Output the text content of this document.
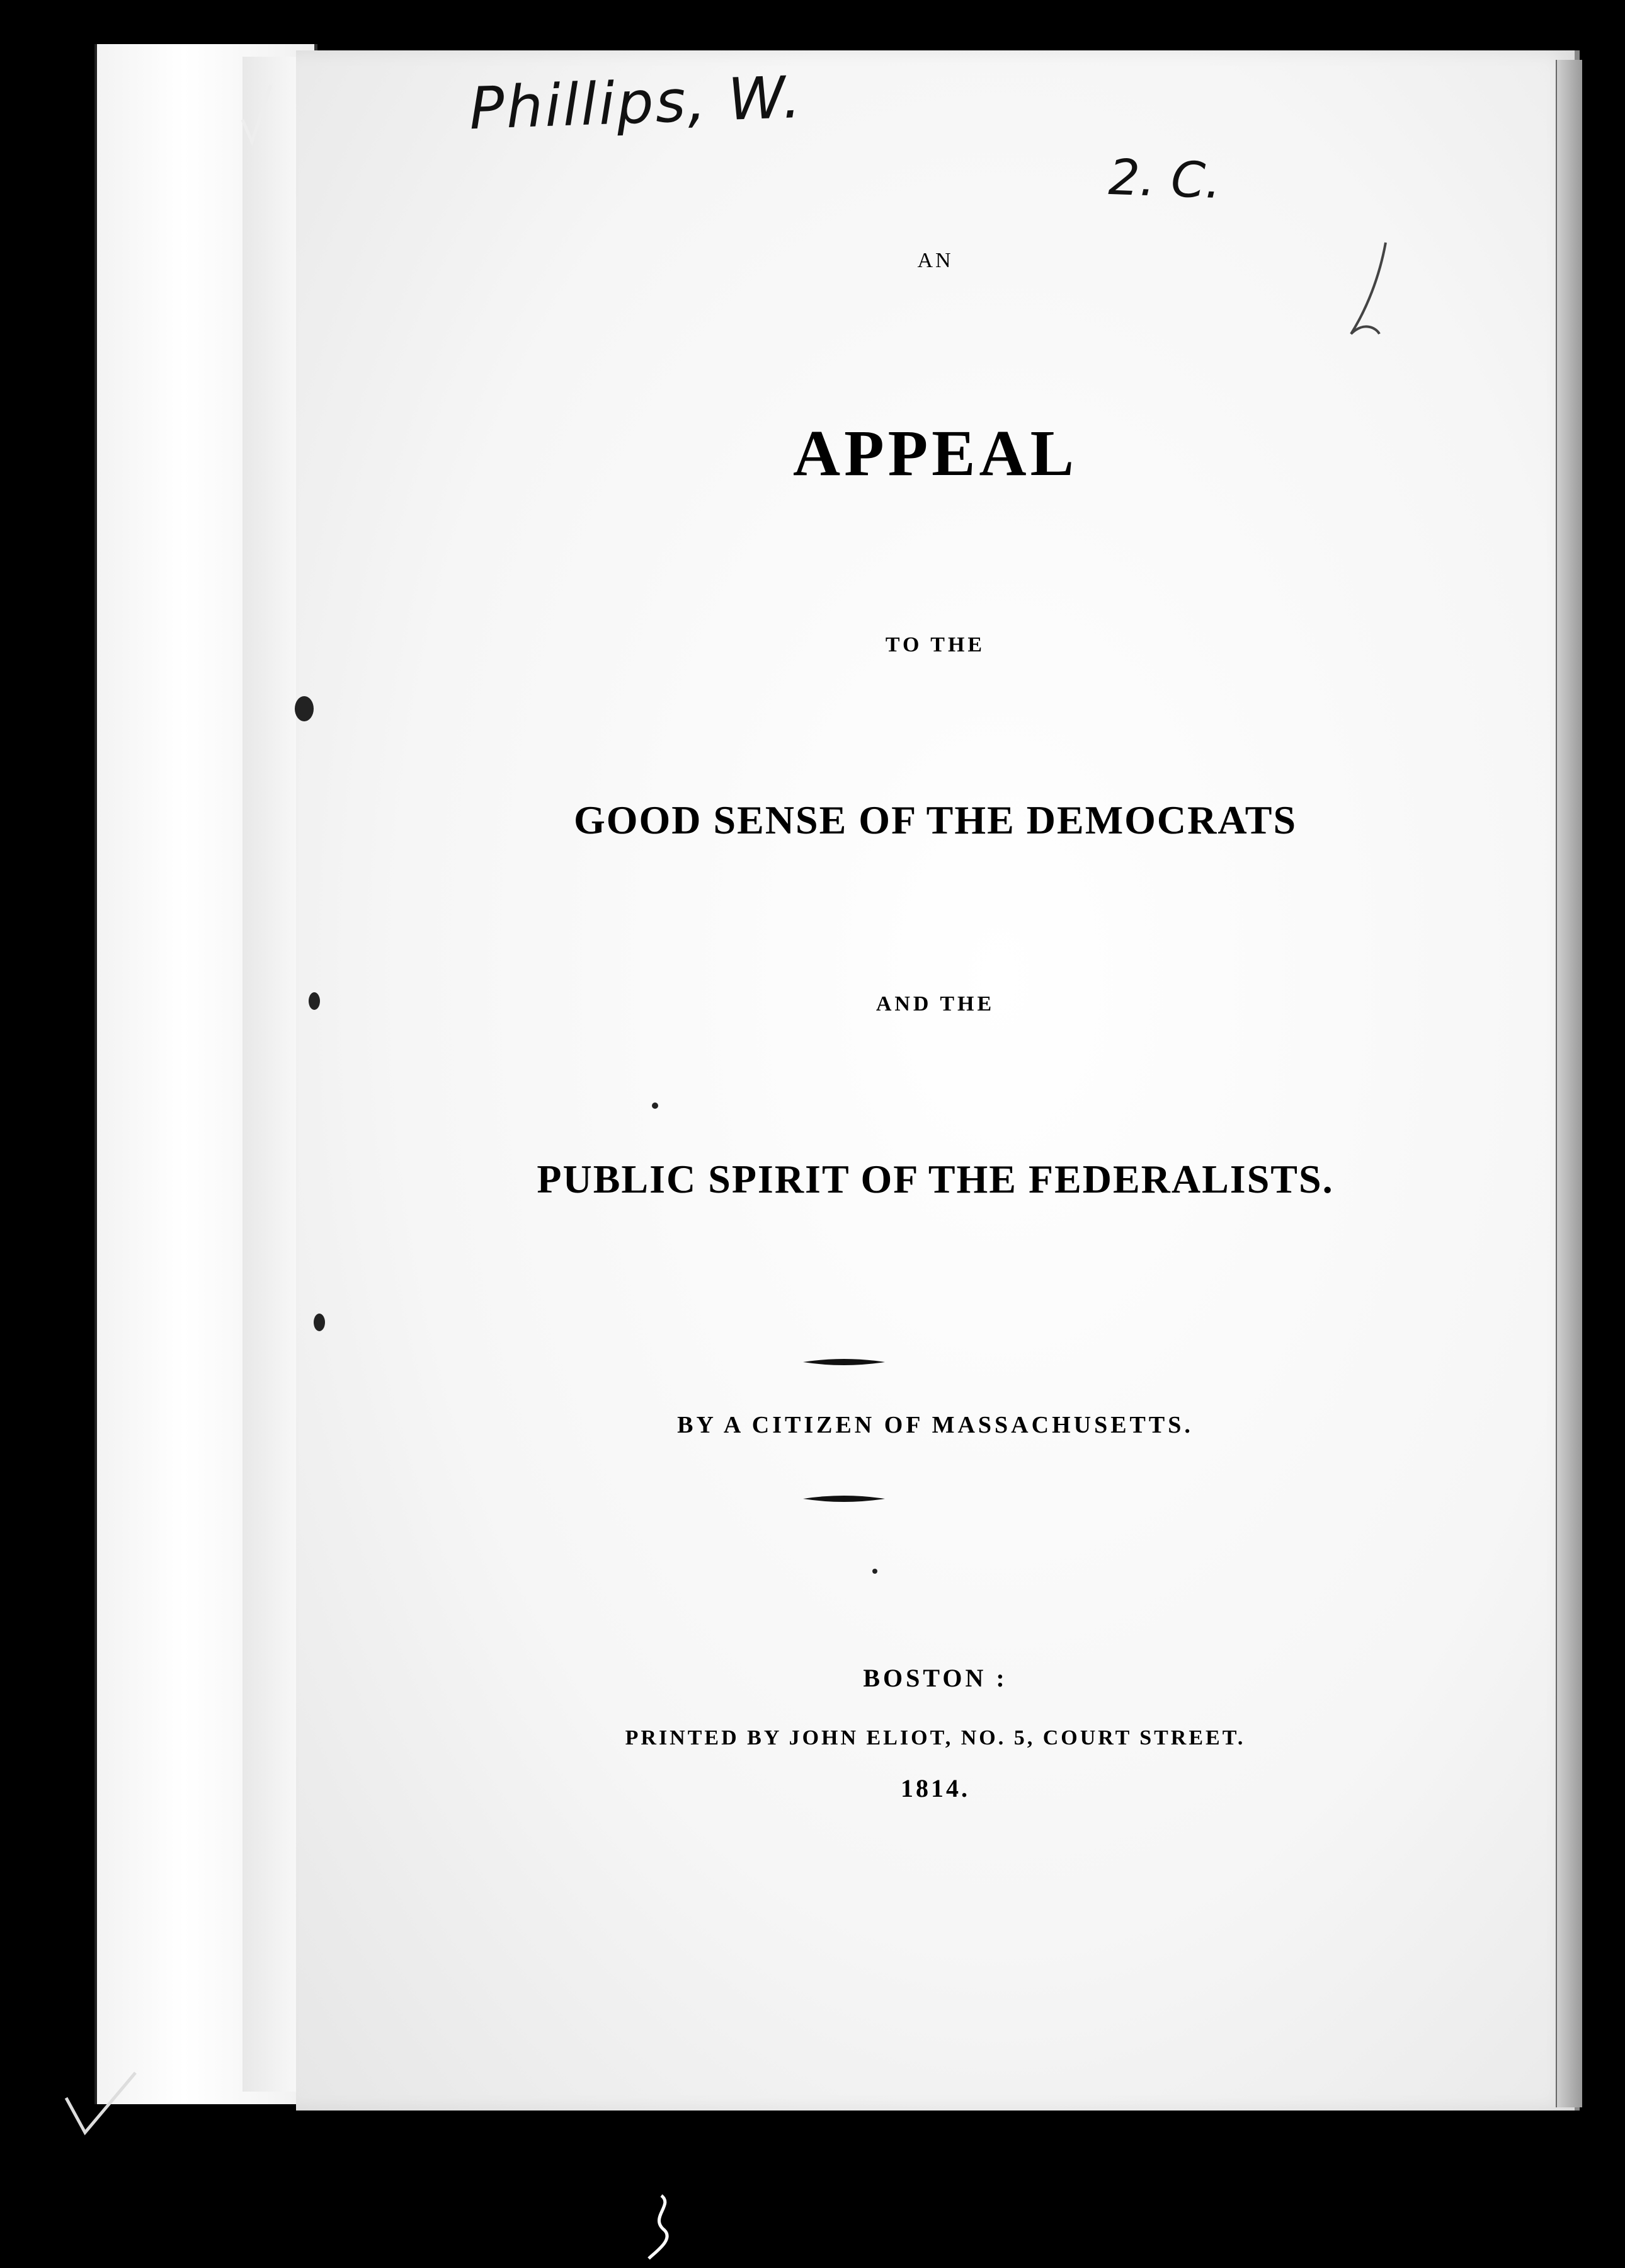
Phillips, W.
2. C.
AN
APPEAL
TO THE
GOOD SENSE OF THE DEMOCRATS
AND THE
PUBLIC SPIRIT OF THE FEDERALISTS.
BY A CITIZEN OF MASSACHUSETTS.
BOSTON :
PRINTED BY JOHN ELIOT, NO. 5, COURT STREET.
1814.
